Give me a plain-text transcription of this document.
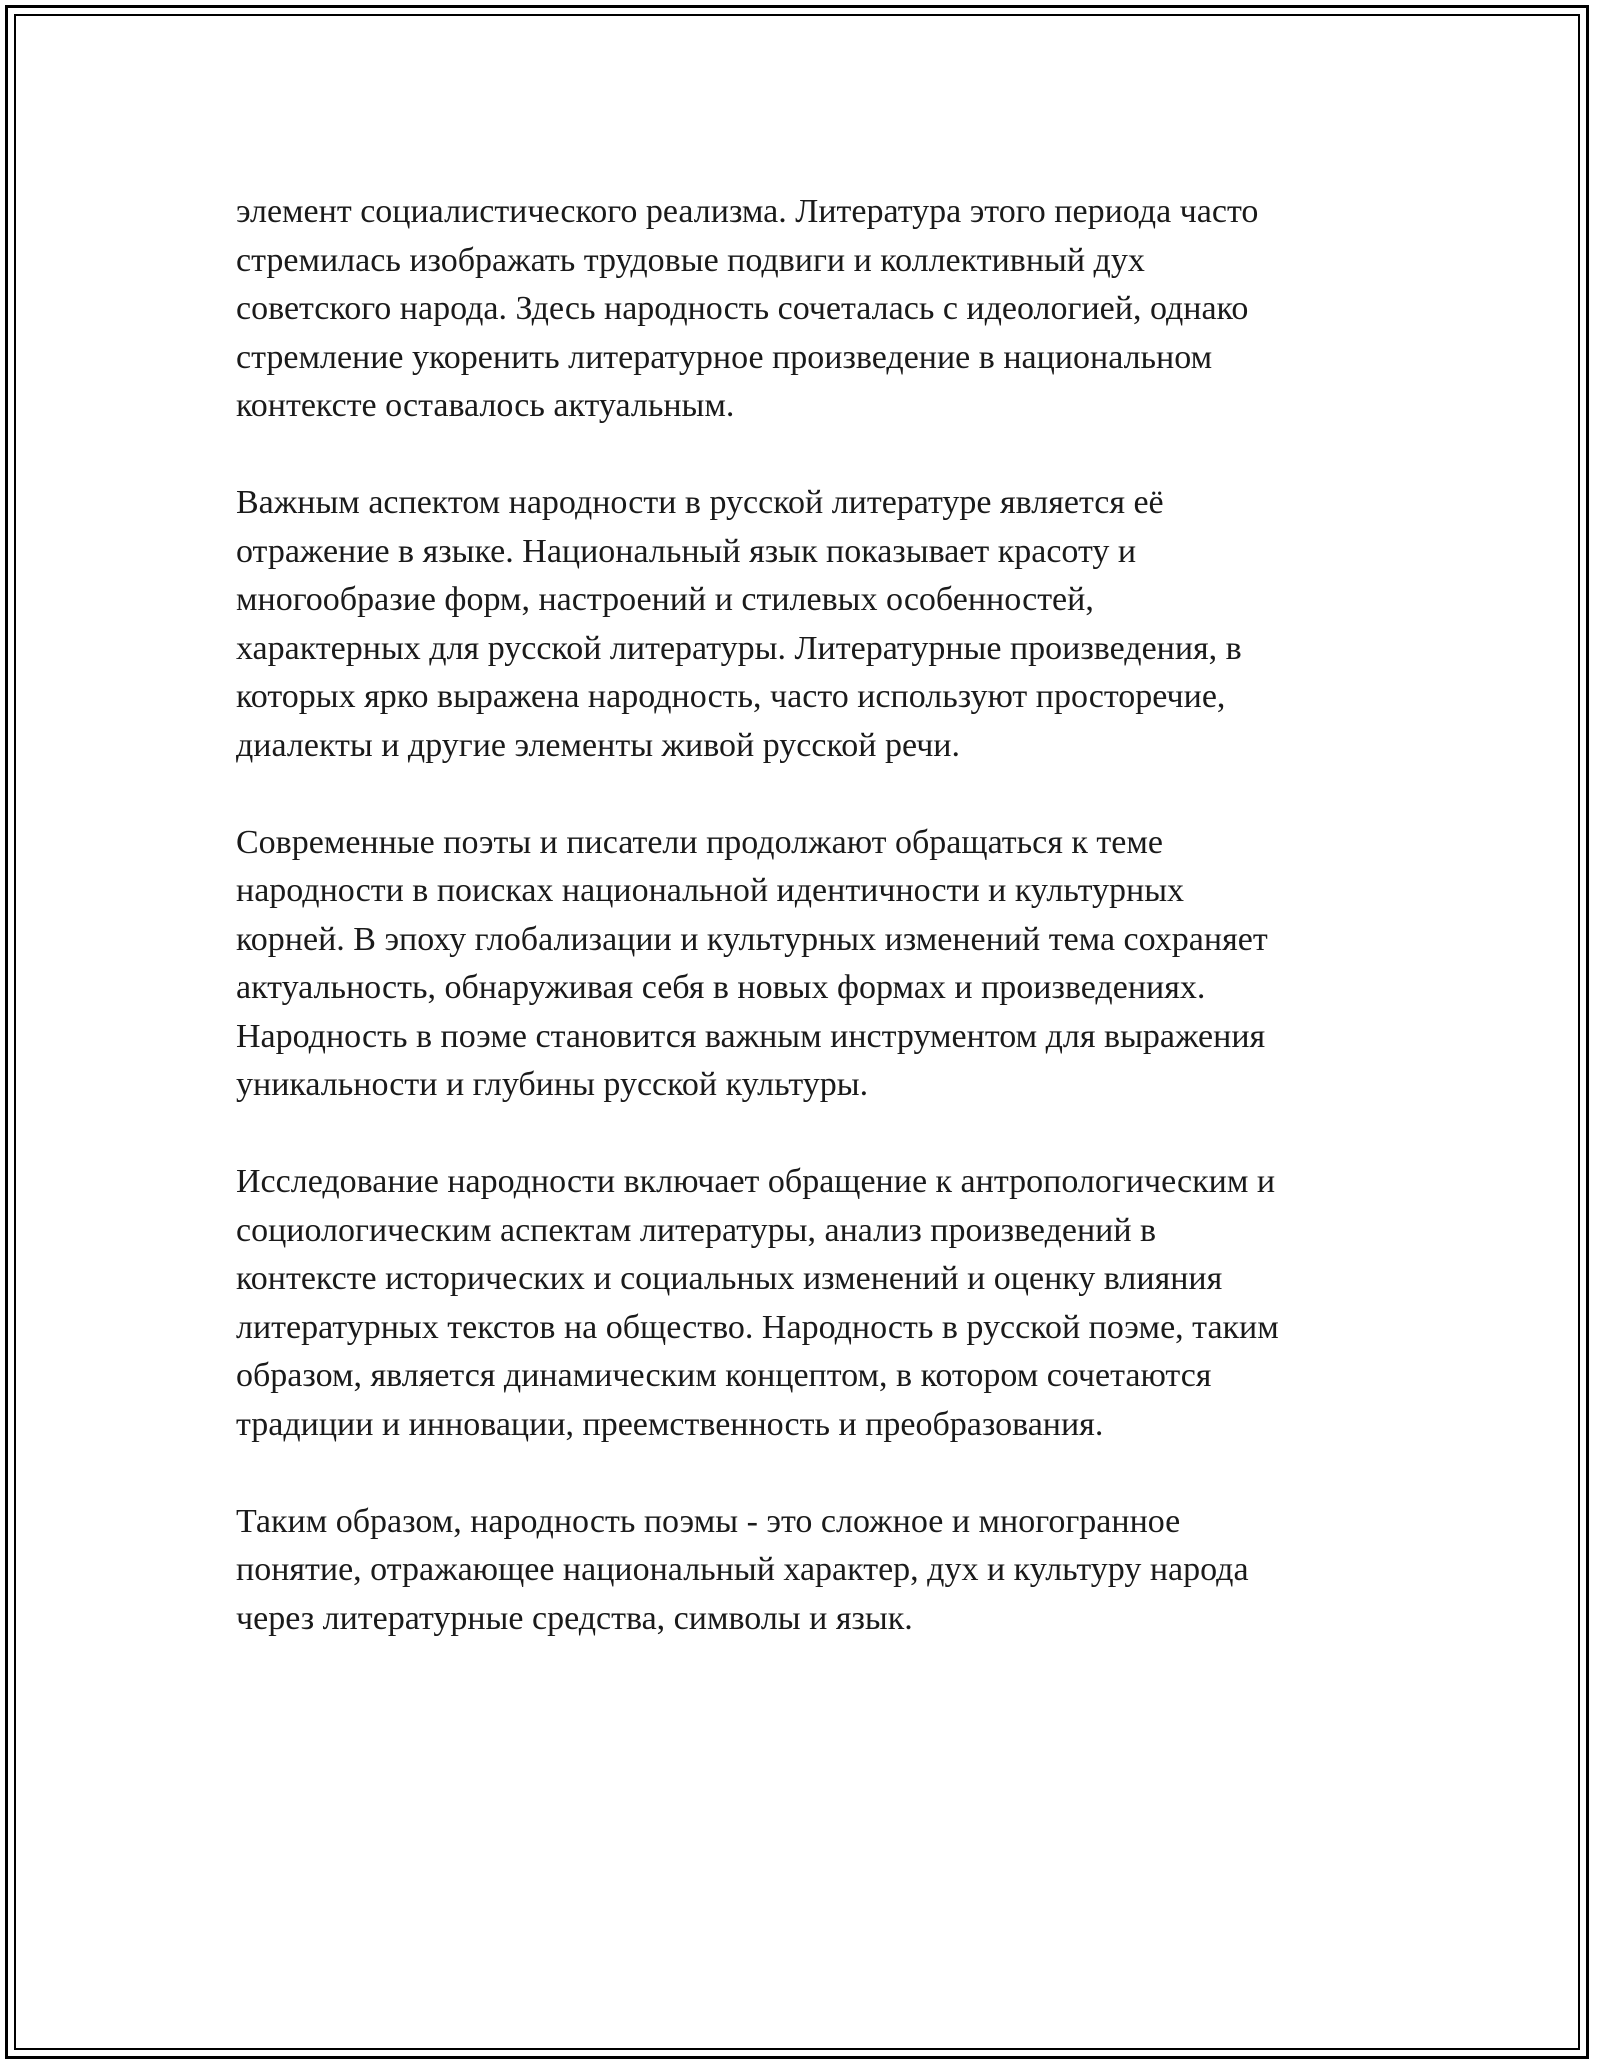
элемент социалистического реализма. Литература этого периода часто
стремилась изображать трудовые подвиги и коллективный дух
советского народа. Здесь народность сочеталась с идеологией, однако
стремление укоренить литературное произведение в национальном
контексте оставалось актуальным.

Важным аспектом народности в русской литературе является её
отражение в языке. Национальный язык показывает красоту и
многообразие форм, настроений и стилевых особенностей,
характерных для русской литературы. Литературные произведения, в
которых ярко выражена народность, часто используют просторечие,
диалекты и другие элементы живой русской речи.

Современные поэты и писатели продолжают обращаться к теме
народности в поисках национальной идентичности и культурных
корней. В эпоху глобализации и культурных изменений тема сохраняет
актуальность, обнаруживая себя в новых формах и произведениях.
Народность в поэме становится важным инструментом для выражения
уникальности и глубины русской культуры.

Исследование народности включает обращение к антропологическим и
социологическим аспектам литературы, анализ произведений в
контексте исторических и социальных изменений и оценку влияния
литературных текстов на общество. Народность в русской поэме, таким
образом, является динамическим концептом, в котором сочетаются
традиции и инновации, преемственность и преобразования.

Таким образом, народность поэмы - это сложное и многогранное
понятие, отражающее национальный характер, дух и культуру народа
через литературные средства, символы и язык.
